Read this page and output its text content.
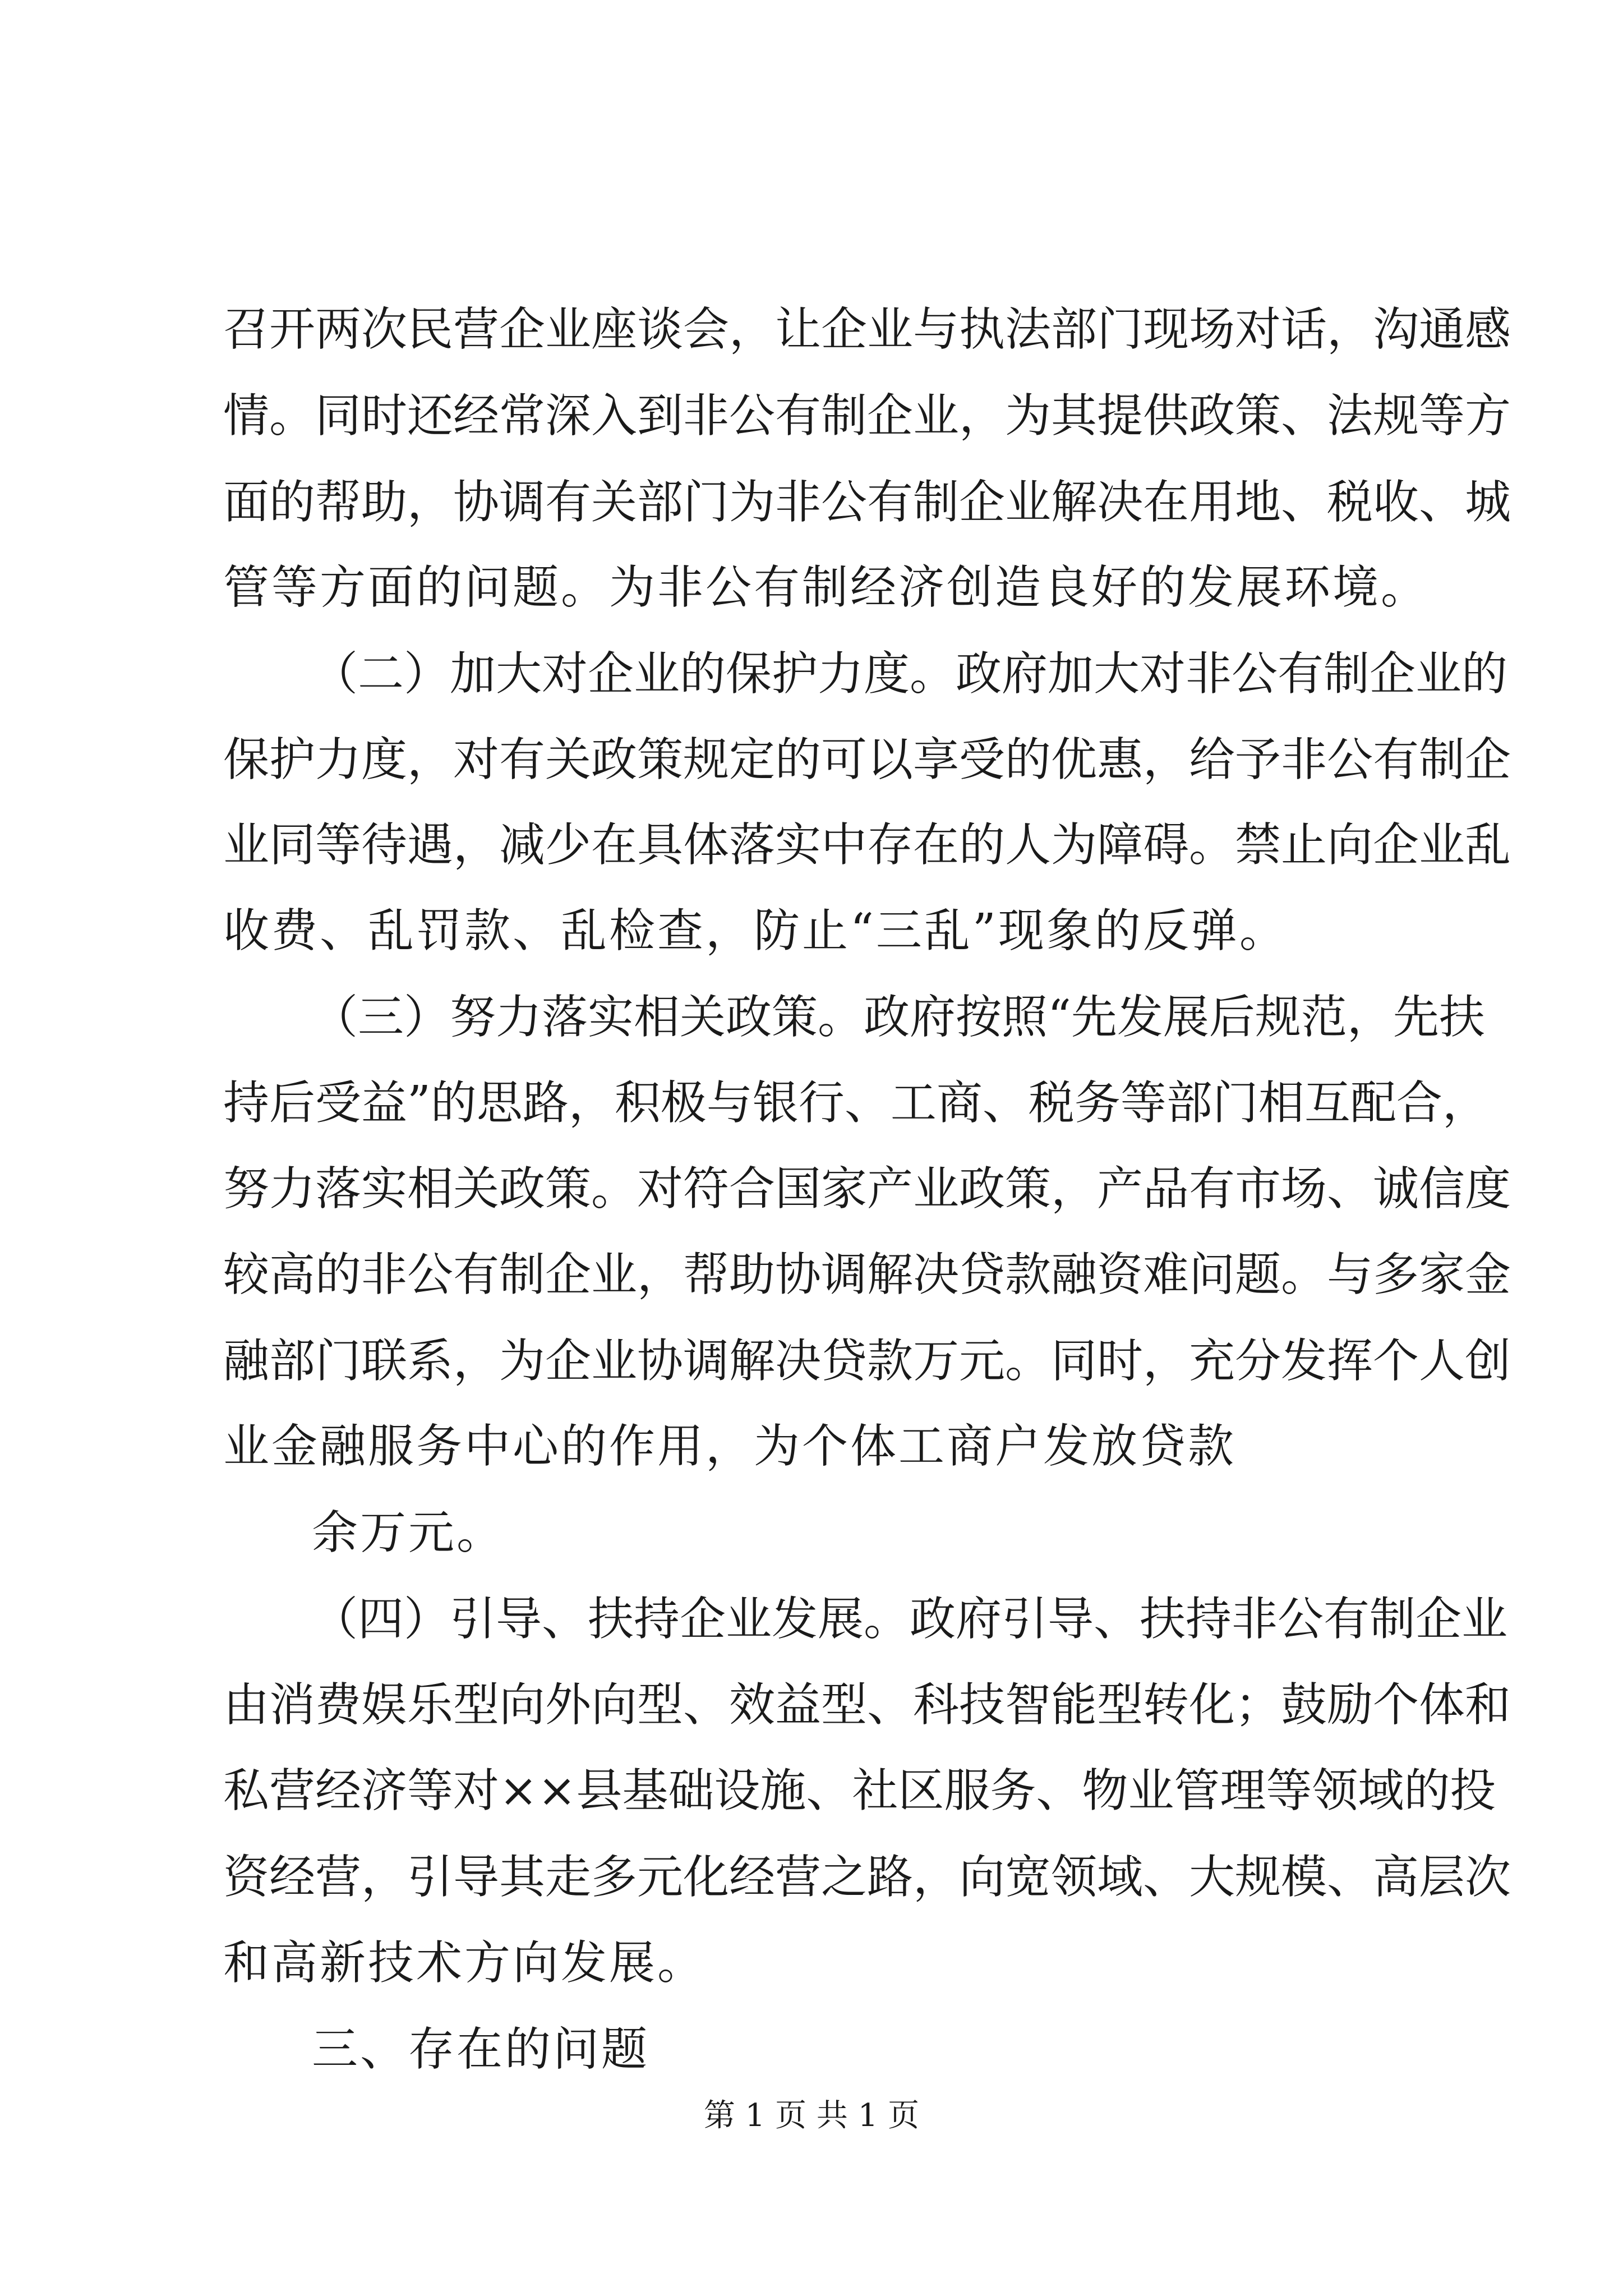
召开两次民营企业座谈会，让企业与执法部门现场对话，沟通感
情。同时还经常深入到非公有制企业，为其提供政策、法规等方
面的帮助，协调有关部门为非公有制企业解决在用地、税收、城
管等方面的问题。为非公有制经济创造良好的发展环境。
（二）加大对企业的保护力度。政府加大对非公有制企业的
保护力度，对有关政策规定的可以享受的优惠，给予非公有制企
业同等待遇，减少在具体落实中存在的人为障碍。禁止向企业乱
收费、乱罚款、乱检查，防止“三乱”现象的反弹。
（三）努力落实相关政策。政府按照“先发展后规范，先扶
持后受益”的思路，积极与银行、工商、税务等部门相互配合，
努力落实相关政策。对符合国家产业政策，产品有市场、诚信度
较高的非公有制企业，帮助协调解决贷款融资难问题。与多家金
融部门联系，为企业协调解决贷款万元。同时，充分发挥个人创
业金融服务中心的作用，为个体工商户发放贷款
余万元。
（四）引导、扶持企业发展。政府引导、扶持非公有制企业
由消费娱乐型向外向型、效益型、科技智能型转化；鼓励个体和
私营经济等对××县基础设施、社区服务、物业管理等领域的投
资经营，引导其走多元化经营之路，向宽领域、大规模、高层次
和高新技术方向发展。
三、存在的问题
第 1 页 共 1 页
